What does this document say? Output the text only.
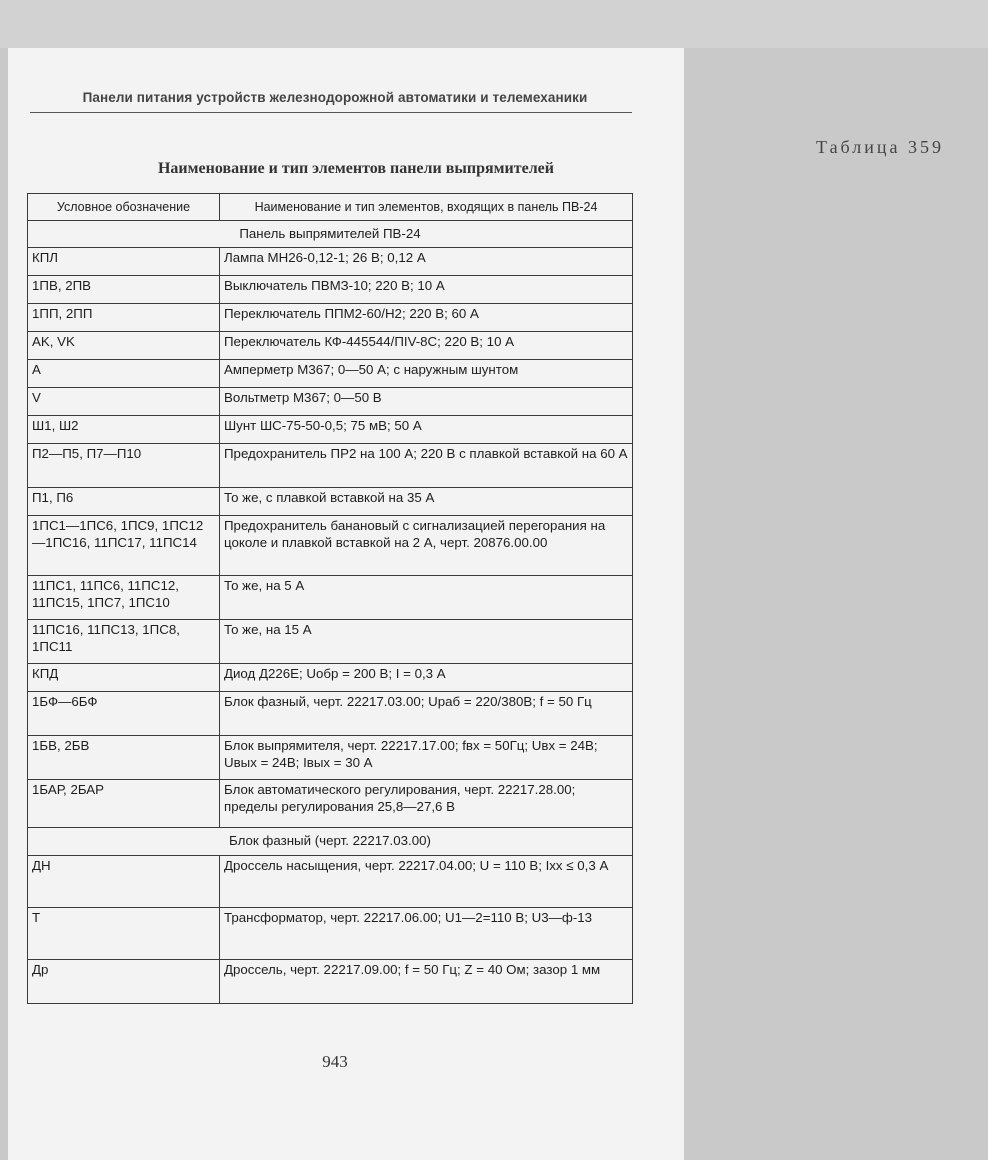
Панели питания устройств железнодорожной автоматики и телемеханики
Таблица 359
Наименование и тип элементов панели выпрямителей
Условное обозначение	Наименование и тип элементов, входящих в панель ПВ-24
Панель выпрямителей ПВ-24	
КПЛ	Лампа МН26-0,12-1; 26 В; 0,12 А
1ПВ, 2ПВ	Выключатель ПВМЗ-10; 220 В; 10 А
1ПП, 2ПП	Переключатель ППМ2-60/Н2; 220 В; 60 А
AK, VK	Переключатель КФ-445544/ПIV-8С; 220 В; 10 А
А	Амперметр М367; 0—50 А; с наружным шунтом
V	Вольтметр М367; 0—50 В
Ш1, Ш2	Шунт ШС-75-50-0,5; 75 мВ; 50 А
П2—П5, П7—П10	Предохранитель ПР2 на 100 А; 220 В с плавкой вставкой на 60 А
П1, П6	То же, с плавкой вставкой на 35 А
1ПС1—1ПС6, 1ПС9, 1ПС12—1ПС16, 11ПС17, 11ПС14	Предохранитель банановый с сигнализацией перегорания на цоколе и плавкой вставкой на 2 А, черт. 20876.00.00
11ПС1, 11ПС6, 11ПС12, 11ПС15, 1ПС7, 1ПС10	То же, на 5 А
11ПС16, 11ПС13, 1ПС8, 1ПС11	То же, на 15 А
КПД	Диод Д226Е; Uобр = 200 В; I = 0,3 А
1БФ—6БФ	Блок фазный, черт. 22217.03.00; Uраб = 220/380В; f = 50 Гц
1БВ, 2БВ	Блок выпрямителя, черт. 22217.17.00; fвх = 50Гц; Uвх = 24В; Uвых = 24В; Iвых = 30 А
1БАР, 2БАР	Блок автоматического регулирования, черт. 22217.28.00; пределы регулирования 25,8—27,6 В
Блок фазный (черт. 22217.03.00)	
ДН	Дроссель насыщения, черт. 22217.04.00; U = 110 В; Iхх ≤ 0,3 А
Т	Трансформатор, черт. 22217.06.00; U1—2=110 В; U3—ф-13
Др	Дроссель, черт. 22217.09.00; f = 50 Гц; Z = 40 Ом; зазор 1 мм
943
